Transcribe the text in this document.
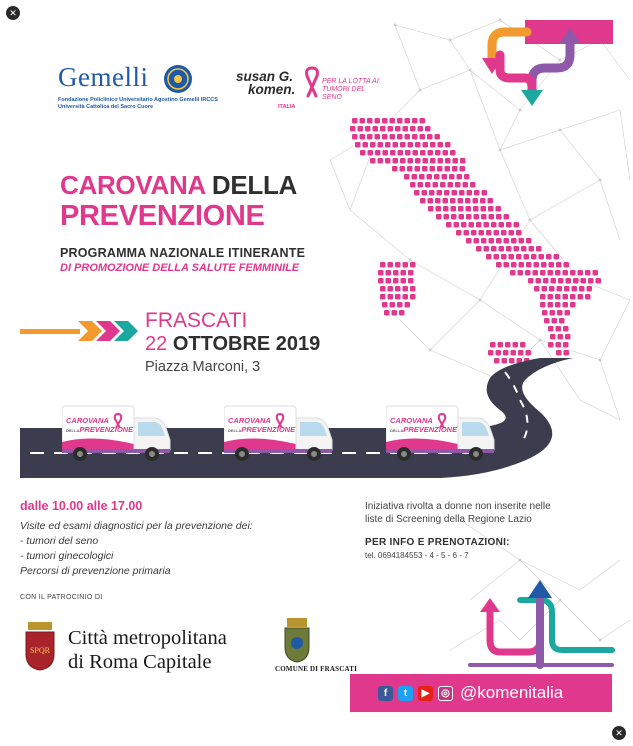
✕
✕
Gemelli
Fondazione Policlinico Universitario Agostino Gemelli IRCCS
Università Cattolica del Sacro Cuore
susan G.
komen.
ITALIA
PER LA LOTTA AI TUMORI DEL SENO
CAROVANA DELLA
PREVENZIONE
PROGRAMMA NAZIONALE ITINERANTE
DI PROMOZIONE DELLA SALUTE FEMMINILE
FRASCATI
22 OTTOBRE 2019
Piazza Marconi, 3
CAROVANA
DELLAPREVENZIONE
CAROVANA
DELLAPREVENZIONE
CAROVANA
DELLAPREVENZIONE
dalle 10.00 alle 17.00
Visite ed esami diagnostici per la prevenzione dei:
- tumori del seno
- tumori ginecologici
Percorsi di prevenzione primaria
CON IL PATROCINIO DI
SPQR
Città metropolitana
di Roma Capitale	COMUNE DI FRASCATI
Iniziativa rivolta a donne non inserite nelle
liste di Screening della Regione Lazio
PER INFO E PRENOTAZIONI:
tel. 0694184553 - 4 - 5 - 6 - 7
f	t	▶	◎ @komenitalia
